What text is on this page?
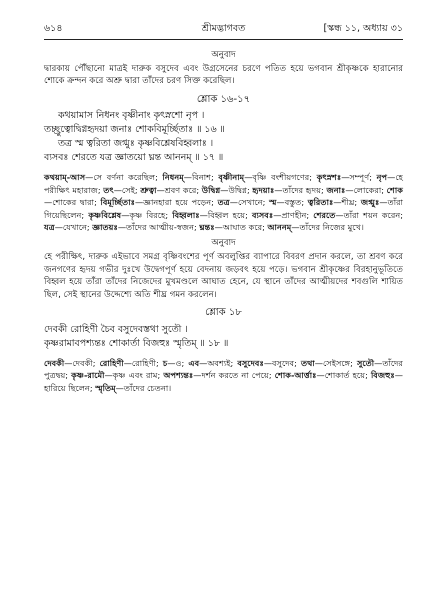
৬১৪	শ্রীমদ্ভাগবত	[স্কন্ধ ১১, অধ্যায় ৩১
অনুবাদ

দ্বারকায় পৌঁছানো মাত্রই দারুক বসুদেব এবং উগ্রসেনের চরণে পতিত হয়ে ভগবান শ্রীকৃষ্ণকে হারানোর শোকে ক্রন্দন করে অশ্রু দ্বারা তাঁদের চরণ সিক্ত করেছিল।

শ্লোক ১৬-১৭
কথয়ামাস নিধনং বৃষ্ণীনাং কৃৎস্নশো নৃপ ।
তচ্ছ্রুত্বোদ্বিগ্নহৃদয়া জনাঃ শোকবিমূর্চ্ছিতাঃ ॥ ১৬ ॥
তত্র স্ম ত্বরিতা জগ্মুঃ কৃষ্ণবিশ্লেষবিহ্বলাঃ ।
ব্যসবঃ শেরতে যত্র জ্ঞাতয়ো ঘ্নন্ত আননম্ ॥ ১৭ ॥

কথয়াম্-আস—সে বর্ণনা করেছিল; নিধনম্—বিনাশ; বৃষ্ণীনাম্—বৃষ্ণি বংশীয়গণের; কৃৎস্নশঃ—সম্পূর্ণ; নৃপ—হে পরীক্ষিৎ মহারাজ; তৎ—সেই; শ্রুত্বা—শ্রবণ করে; উদ্বিগ্ন—উদ্বিগ্ন; হৃদয়াঃ—তাঁদের হৃদয়; জনাঃ—লোকেরা; শোক—শোকের দ্বারা; বিমূর্চ্ছিতাঃ—জ্ঞানহারা হয়ে পড়েন; তত্র—সেখানে; স্ম—বস্তুত; ত্বরিতাঃ—শীঘ্র; জগ্মুঃ—তাঁরা গিয়েছিলেন; কৃষ্ণবিশ্লেষ—কৃষ্ণ বিরহে; বিহ্বলাঃ—বিহ্বল হয়ে; ব্যসবঃ—প্রাণহীন; শেরতে—তাঁরা শয়ন করেন; যত্র—যেখানে; জ্ঞাতয়ঃ—তাঁদের আত্মীয়-স্বজন; ঘ্নন্তঃ—আঘাত করে; আননম্—তাঁদের নিজের মুখে।

অনুবাদ

হে পরীক্ষিৎ, দারুক এইভাবে সমগ্র বৃষ্ণিবংশের পূর্ণ অবলুপ্তির ব্যাপারে বিবরণ প্রদান করলে, তা শ্রবণ করে জনগণের হৃদয় গভীর দুঃখে উদ্বেগপূর্ণ হয়ে বেদনায় জড়বৎ হয়ে পড়ে। ভগবান শ্রীকৃষ্ণের বিরহানুভূতিতে বিহ্বল হয়ে তাঁরা তাঁদের নিজেদের মুখমণ্ডলে আঘাত হেনে, যে স্থানে তাঁদের আত্মীয়দের শবগুলি শায়িত ছিল, সেই স্থানের উদ্দেশ্যে অতি শীঘ্র গমন করলেন।

শ্লোক ১৮
দেবকী রোহিণী চৈব বসুদেবস্তথা সুতৌ ।
কৃষ্ণরামাবপশ্যন্তঃ শোকার্তা বিজহুঃ স্মৃতিম্ ॥ ১৮ ॥

দেবকী—দেবকী; রোহিণী—রোহিণী; চ—ও; এব—অবশ্যই; বসুদেবঃ—বসুদেব; তথা—সেইসঙ্গে; সুতৌ—তাঁদের পুত্রদ্বয়; কৃষ্ণ-রামৌ—কৃষ্ণ এবং রাম; অপশ্যন্তঃ—দর্শন করতে না পেয়ে; শোক-আর্ত্তাঃ—শোকার্ত হয়ে; বিজহুঃ—হারিয়ে ছিলেন; স্মৃতিম্—তাঁদের চেতনা।
